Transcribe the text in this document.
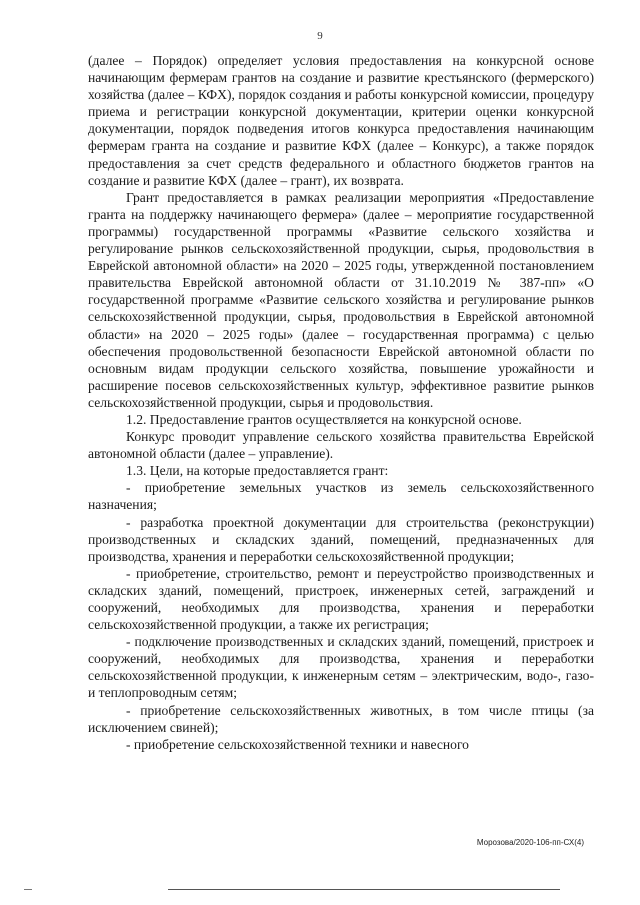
9

(далее – Порядок) определяет условия предоставления на конкурсной основе начинающим фермерам грантов на создание и развитие крестьянского (фермерского) хозяйства (далее – КФХ), порядок создания и работы конкурсной комиссии, процедуру приема и регистрации конкурсной документации, критерии оценки конкурсной документации, порядок подведения итогов конкурса предоставления начинающим фермерам гранта на создание и развитие КФХ (далее – Конкурс), а также порядок предоставления за счет средств федерального и областного бюджетов грантов на создание и развитие КФХ (далее – грант), их возврата.

Грант предоставляется в рамках реализации мероприятия «Предоставление гранта на поддержку начинающего фермера» (далее – мероприятие государственной программы) государственной программы «Развитие сельского хозяйства и регулирование рынков сельскохозяйственной продукции, сырья, продовольствия в Еврейской автономной области» на 2020 – 2025 годы, утвержденной постановлением правительства Еврейской автономной области от 31.10.2019 № 387-пп» «О государственной программе «Развитие сельского хозяйства и регулирование рынков сельскохозяйственной продукции, сырья, продовольствия в Еврейской автономной области» на 2020 – 2025 годы» (далее – государственная программа) с целью обеспечения продовольственной безопасности Еврейской автономной области по основным видам продукции сельского хозяйства, повышение урожайности и расширение посевов сельскохозяйственных культур, эффективное развитие рынков сельскохозяйственной продукции, сырья и продовольствия.

1.2. Предоставление грантов осуществляется на конкурсной основе.

Конкурс проводит управление сельского хозяйства правительства Еврейской автономной области (далее – управление).

1.3. Цели, на которые предоставляется грант:

- приобретение земельных участков из земель сельскохозяйственного назначения;

- разработка проектной документации для строительства (реконструкции) производственных и складских зданий, помещений, предназначенных для производства, хранения и переработки сельскохозяйственной продукции;

- приобретение, строительство, ремонт и переустройство производственных и складских зданий, помещений, пристроек, инженерных сетей, заграждений и сооружений, необходимых для производства, хранения и переработки сельскохозяйственной продукции, а также их регистрация;

- подключение производственных и складских зданий, помещений, пристроек и сооружений, необходимых для производства, хранения и переработки сельскохозяйственной продукции, к инженерным сетям – электрическим, водо-, газо- и теплопроводным сетям;

- приобретение сельскохозяйственных животных, в том числе птицы (за исключением свиней);

- приобретение сельскохозяйственной техники и навесного

Морозова/2020-106-пп-СХ(4)
